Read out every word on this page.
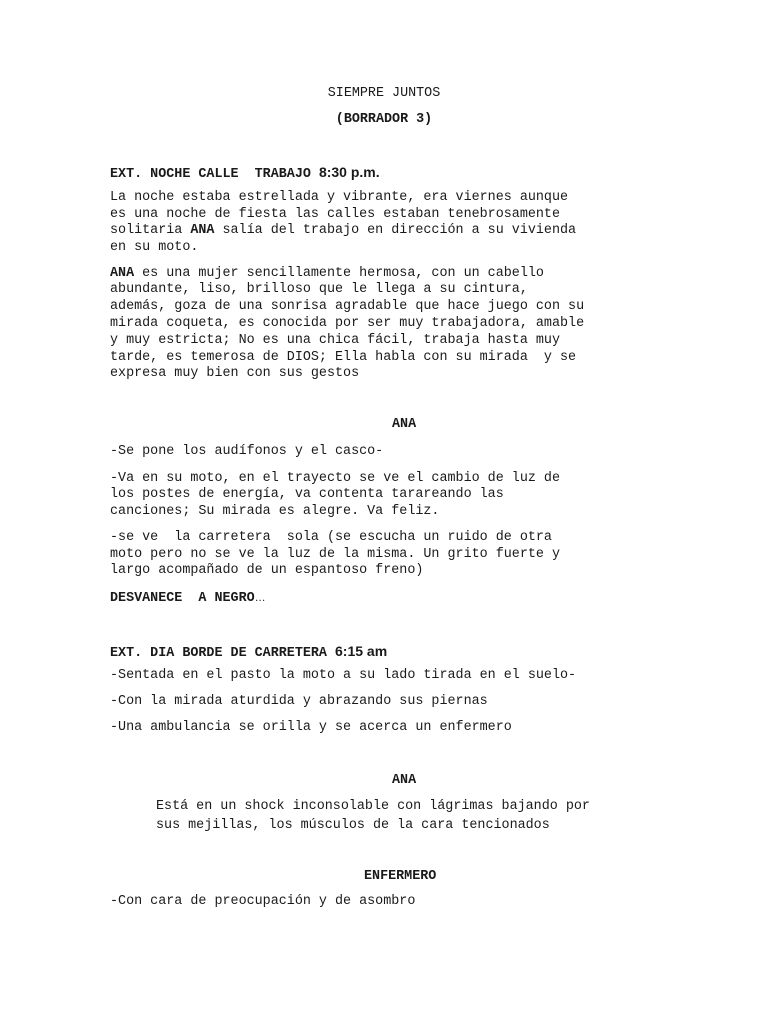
SIEMPRE JUNTOS
(BORRADOR 3)
EXT. NOCHE CALLE  TRABAJO 8:30 p.m.
La noche estaba estrellada y vibrante, era viernes aunque
es una noche de fiesta las calles estaban tenebrosamente
solitaria ANA salía del trabajo en dirección a su vivienda
en su moto.
ANA es una mujer sencillamente hermosa, con un cabello
abundante, liso, brilloso que le llega a su cintura,
además, goza de una sonrisa agradable que hace juego con su
mirada coqueta, es conocida por ser muy trabajadora, amable
y muy estricta; No es una chica fácil, trabaja hasta muy
tarde, es temerosa de DIOS; Ella habla con su mirada  y se
expresa muy bien con sus gestos
ANA
-Se pone los audífonos y el casco-
-Va en su moto, en el trayecto se ve el cambio de luz de
los postes de energía, va contenta tarareando las
canciones; Su mirada es alegre. Va feliz.
-se ve  la carretera  sola (se escucha un ruido de otra
moto pero no se ve la luz de la misma. Un grito fuerte y
largo acompañado de un espantoso freno)
DESVANECE  A NEGRO…
EXT. DIA BORDE DE CARRETERA 6:15 am
-Sentada en el pasto la moto a su lado tirada en el suelo-
-Con la mirada aturdida y abrazando sus piernas
-Una ambulancia se orilla y se acerca un enfermero
ANA
Está en un shock inconsolable con lágrimas bajando por
sus mejillas, los músculos de la cara tencionados
ENFERMERO
-Con cara de preocupación y de asombro
